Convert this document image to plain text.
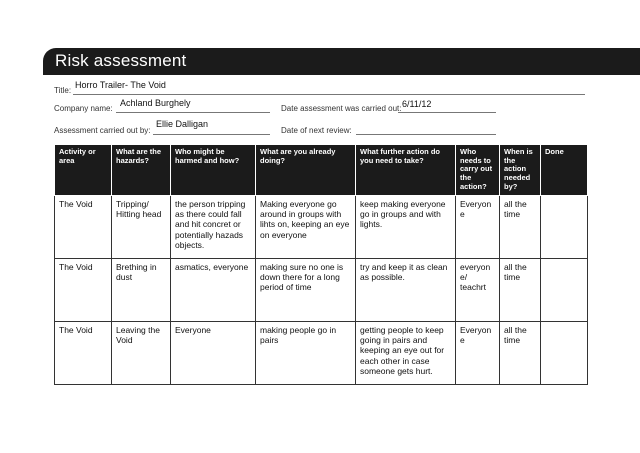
Risk assessment
Title:
Horro Trailer- The Void
Company name:
Achland Burghely
Date assessment was carried out: 6/11/12
Assessment carried out by:
Ellie Dalligan
Date of next review:
Activity or area	What are the hazards?	Who might be harmed and how?	What are you already doing?	What further action do you need to take?	Who needs to carry out the action?	When is the action needed by?	Done
The Void	Tripping/ Hitting head	the person tripping as there could fall and hit concret or potentially hazads objects.	Making everyone go around in groups with lihts on, keeping an eye on everyone	keep making everyone go in groups and with lights.	Everyon e	all the time	
The Void	Brething in dust	asmatics, everyone	making sure no one is down there for a long period of time	try and keep it as clean as possible.	everyon e/ teachrt	all the time	
The Void	Leaving the Void	Everyone	making people go in pairs	getting people to keep going in pairs and keeping an eye out for each other in case someone gets hurt.	Everyon e	all the time	
